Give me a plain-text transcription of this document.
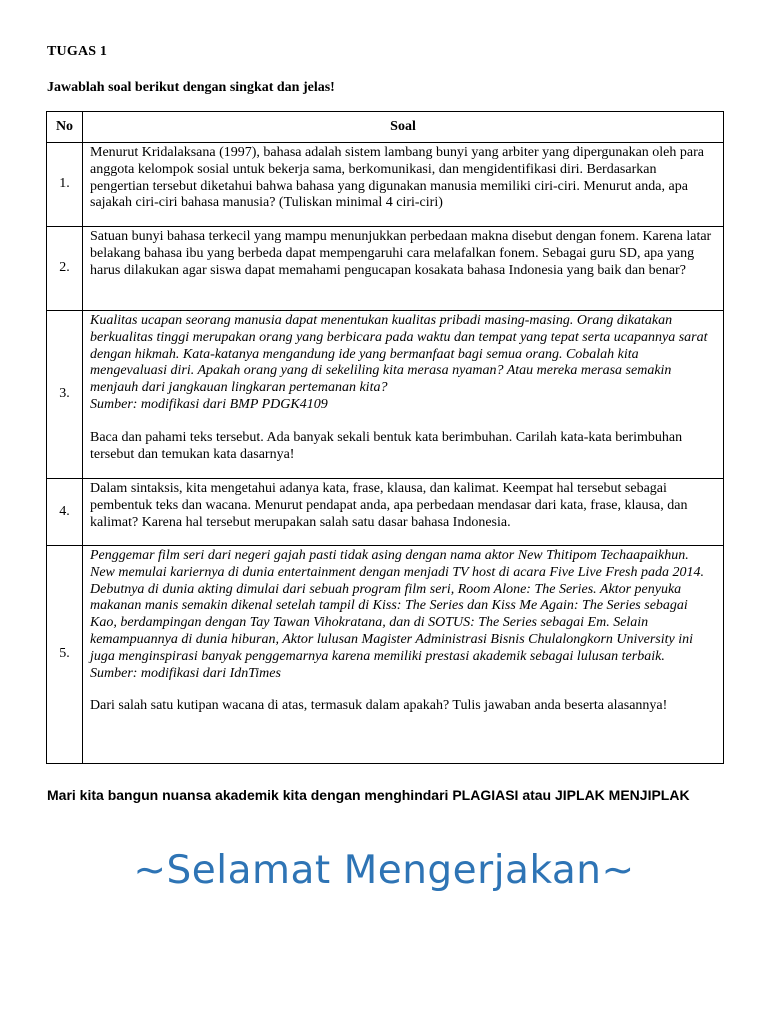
TUGAS 1
Jawablah soal berikut dengan singkat dan jelas!
No	Soal
1.	Menurut Kridalaksana (1997), bahasa adalah sistem lambang bunyi yang arbiter yang dipergunakan oleh para anggota kelompok sosial untuk bekerja sama, berkomunikasi, dan mengidentifikasi diri. Berdasarkan pengertian tersebut diketahui bahwa bahasa yang digunakan manusia memiliki ciri-ciri. Menurut anda, apa sajakah ciri-ciri bahasa manusia? (Tuliskan minimal 4 ciri-ciri)

2.	Satuan bunyi bahasa terkecil yang mampu menunjukkan perbedaan makna disebut dengan fonem. Karena latar belakang bahasa ibu yang berbeda dapat mempengaruhi cara melafalkan fonem. Sebagai guru SD, apa yang harus dilakukan agar siswa dapat memahami pengucapan kosakata bahasa Indonesia yang baik dan benar?

3.	Kualitas ucapan seorang manusia dapat menentukan kualitas pribadi masing-masing. Orang dikatakan berkualitas tinggi merupakan orang yang berbicara pada waktu dan tempat yang tepat serta ucapannya sarat dengan hikmah. Kata-katanya mengandung ide yang bermanfaat bagi semua orang. Cobalah kita mengevaluasi diri. Apakah orang yang di sekeliling kita merasa nyaman? Atau mereka merasa semakin menjauh dari jangkauan lingkaran pertemanan kita?
Sumber: modifikasi dari BMP PDGK4109
Baca dan pahami teks tersebut. Ada banyak sekali bentuk kata berimbuhan. Carilah kata-kata berimbuhan tersebut dan temukan kata dasarnya!

4.	Dalam sintaksis, kita mengetahui adanya kata, frase, klausa, dan kalimat. Keempat hal tersebut sebagai pembentuk teks dan wacana. Menurut pendapat anda, apa perbedaan mendasar dari kata, frase, klausa, dan kalimat? Karena hal tersebut merupakan salah satu dasar bahasa Indonesia.

5.	Penggemar film seri dari negeri gajah pasti tidak asing dengan nama aktor New Thitipom Techaapaikhun. New memulai kariernya di dunia entertainment dengan menjadi TV host di acara Five Live Fresh pada 2014. Debutnya di dunia akting dimulai dari sebuah program film seri, Room Alone: The Series. Aktor penyuka makanan manis semakin dikenal setelah tampil di Kiss: The Series dan Kiss Me Again: The Series sebagai Kao, berdampingan dengan Tay Tawan Vihokratana, dan di SOTUS: The Series sebagai Em. Selain kemampuannya di dunia hiburan, Aktor lulusan Magister Administrasi Bisnis Chulalongkorn University ini juga menginspirasi banyak penggemarnya karena memiliki prestasi akademik sebagai lulusan terbaik.
Sumber: modifikasi dari IdnTimes
Dari salah satu kutipan wacana di atas, termasuk dalam apakah? Tulis jawaban anda beserta alasannya!
Mari kita bangun nuansa akademik kita dengan menghindari PLAGIASI atau JIPLAK MENJIPLAK
~Selamat Mengerjakan~
